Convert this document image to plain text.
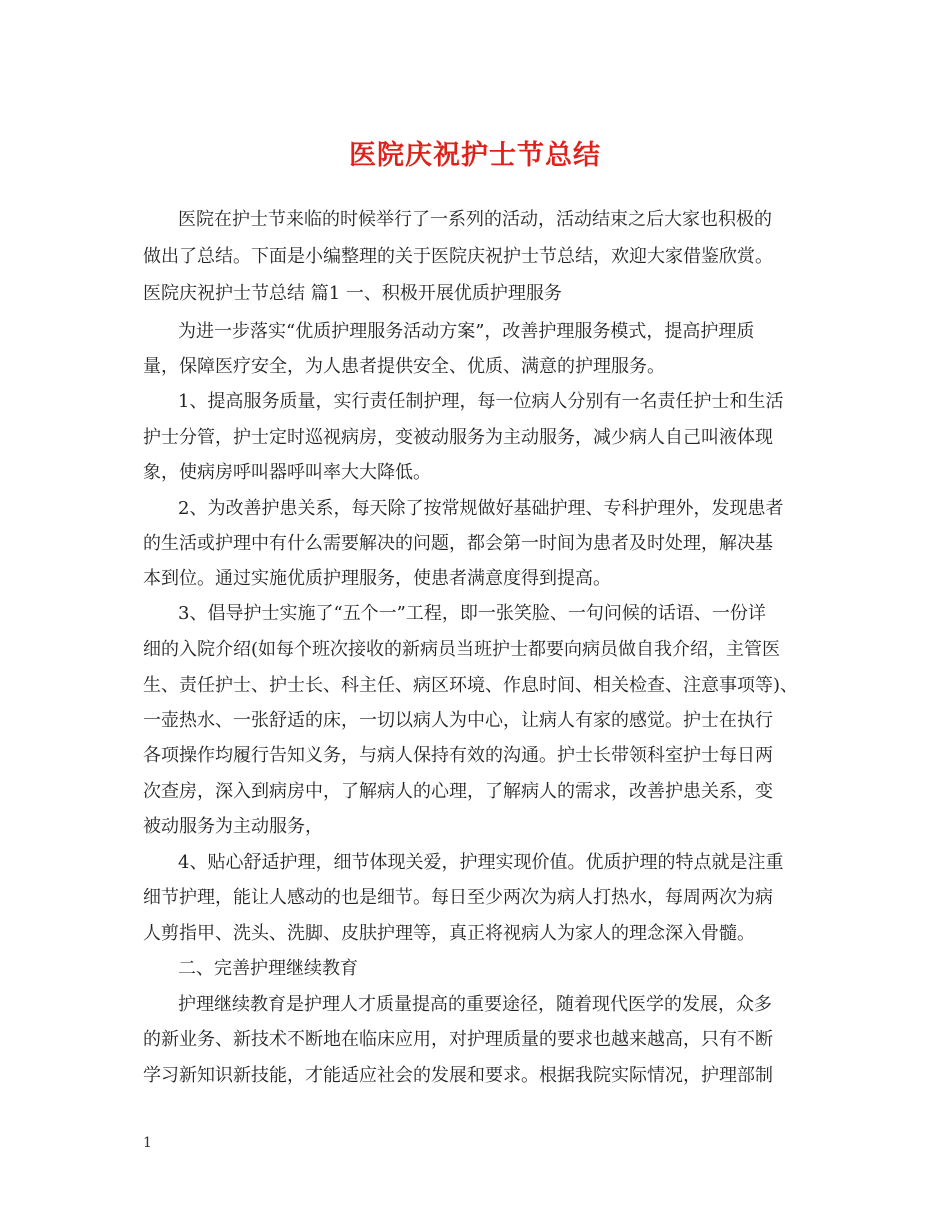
医院庆祝护士节总结
医院在护士节来临的时候举行了一系列的活动，活动结束之后大家也积极的
做出了总结。下面是小编整理的关于医院庆祝护士节总结，欢迎大家借鉴欣赏。
医院庆祝护士节总结 篇1 一、积极开展优质护理服务
为进一步落实“优质护理服务活动方案”，改善护理服务模式，提高护理质
量，保障医疗安全，为人患者提供安全、优质、满意的护理服务。
1、提高服务质量，实行责任制护理，每一位病人分别有一名责任护士和生活
护士分管，护士定时巡视病房，变被动服务为主动服务，减少病人自己叫液体现
象，使病房呼叫器呼叫率大大降低。
2、为改善护患关系，每天除了按常规做好基础护理、专科护理外，发现患者
的生活或护理中有什么需要解决的问题，都会第一时间为患者及时处理，解决基
本到位。通过实施优质护理服务，使患者满意度得到提高。
3、倡导护士实施了“五个一”工程，即一张笑脸、一句问候的话语、一份详
细的入院介绍(如每个班次接收的新病员当班护士都要向病员做自我介绍，主管医
生、责任护士、护士长、科主任、病区环境、作息时间、相关检查、注意事项等)、
一壶热水、一张舒适的床，一切以病人为中心，让病人有家的感觉。护士在执行
各项操作均履行告知义务，与病人保持有效的沟通。护士长带领科室护士每日两
次查房，深入到病房中，了解病人的心理，了解病人的需求，改善护患关系，变
被动服务为主动服务，
4、贴心舒适护理，细节体现关爱，护理实现价值。优质护理的特点就是注重
细节护理，能让人感动的也是细节。每日至少两次为病人打热水，每周两次为病
人剪指甲、洗头、洗脚、皮肤护理等，真正将视病人为家人的理念深入骨髓。
二、完善护理继续教育
护理继续教育是护理人才质量提高的重要途径，随着现代医学的发展，众多
的新业务、新技术不断地在临床应用，对护理质量的要求也越来越高，只有不断
学习新知识新技能，才能适应社会的发展和要求。根据我院实际情况，护理部制
1
